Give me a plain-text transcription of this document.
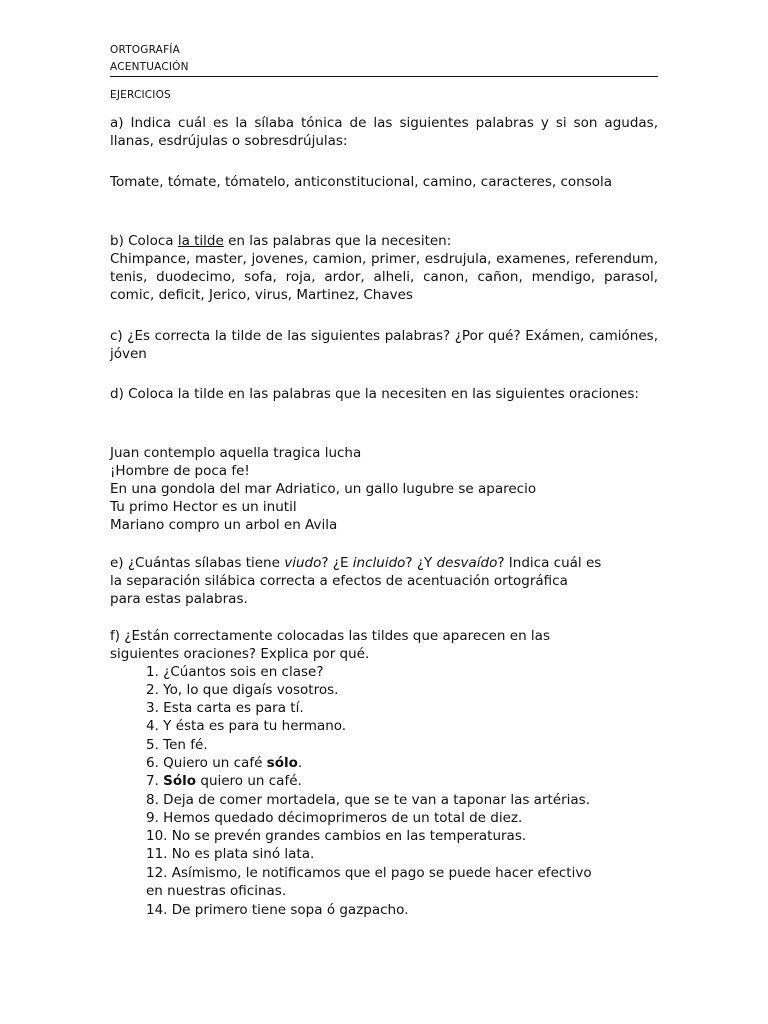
ORTOGRAFÍA
ACENTUACIÓN
EJERCICIOS
a) Indica cuál es la sílaba tónica de las siguientes palabras y si son agudas, llanas, esdrújulas o sobresdrújulas:
Tomate, tómate, tómatelo, anticonstitucional, camino, caracteres, consola
b) Coloca la tilde en las palabras que la necesiten:
Chimpance, master, jovenes, camion, primer, esdrujula, examenes, referendum, tenis, duodecimo, sofa, roja, ardor, alheli, canon, cañon, mendigo, parasol, comic, deficit, Jerico, virus, Martinez, Chaves
c) ¿Es correcta la tilde de las siguientes palabras? ¿Por qué? Exámen, camiónes, jóven
d) Coloca la tilde en las palabras que la necesiten en las siguientes oraciones:
Juan contemplo aquella tragica lucha
¡Hombre de poca fe!
En una gondola del mar Adriatico, un gallo lugubre se aparecio
Tu primo Hector es un inutil
Mariano compro un arbol en Avila
e) ¿Cuántas sílabas tiene viudo? ¿E incluido? ¿Y desvaído? Indica cuál es
la separación silábica correcta a efectos de acentuación ortográfica
para estas palabras.
f) ¿Están correctamente colocadas las tildes que aparecen en las
siguientes oraciones? Explica por qué.
1. ¿Cúantos sois en clase?
2. Yo, lo que digaís vosotros.
3. Esta carta es para tí.
4. Y ésta es para tu hermano.
5. Ten fé.
6. Quiero un café sólo.
7. Sólo quiero un café.
8. Deja de comer mortadela, que se te van a taponar las artérias.
9. Hemos quedado décimoprimeros de un total de diez.
10. No se prevén grandes cambios en las temperaturas.
11. No es plata sinó lata.
12. Asímismo, le notificamos que el pago se puede hacer efectivo
en nuestras oficinas.
14. De primero tiene sopa ó gazpacho.
